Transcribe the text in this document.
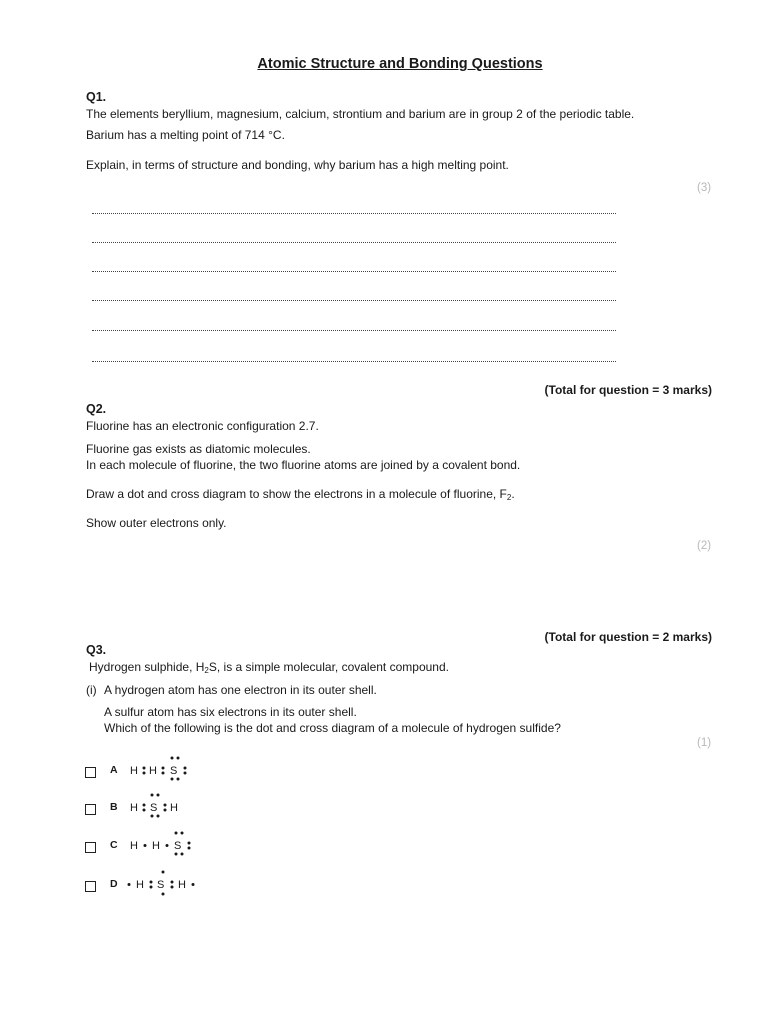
Atomic Structure and Bonding Questions
Q1.
The elements beryllium, magnesium, calcium, strontium and barium are in group 2 of the periodic table.
Barium has a melting point of 714 °C.
Explain, in terms of structure and bonding, why barium has a high melting point.
(3)
(Total for question = 3 marks)
Q2.
Fluorine has an electronic configuration 2.7.
Fluorine gas exists as diatomic molecules.
In each molecule of fluorine, the two fluorine atoms are joined by a covalent bond.
Draw a dot and cross diagram to show the electrons in a molecule of fluorine, $F_2$.
Show outer electrons only.
(2)
(Total for question = 2 marks)
Q3.
Hydrogen sulphide, $H_2S$, is a simple molecular, covalent compound.
(i) A hydrogen atom has one electron in its outer shell.
A sulfur atom has six electrons in its outer shell.
Which of the following is the dot and cross diagram of a molecule of hydrogen sulfide?
(1)
A H H S
B H S H
C H H S
D H S H
